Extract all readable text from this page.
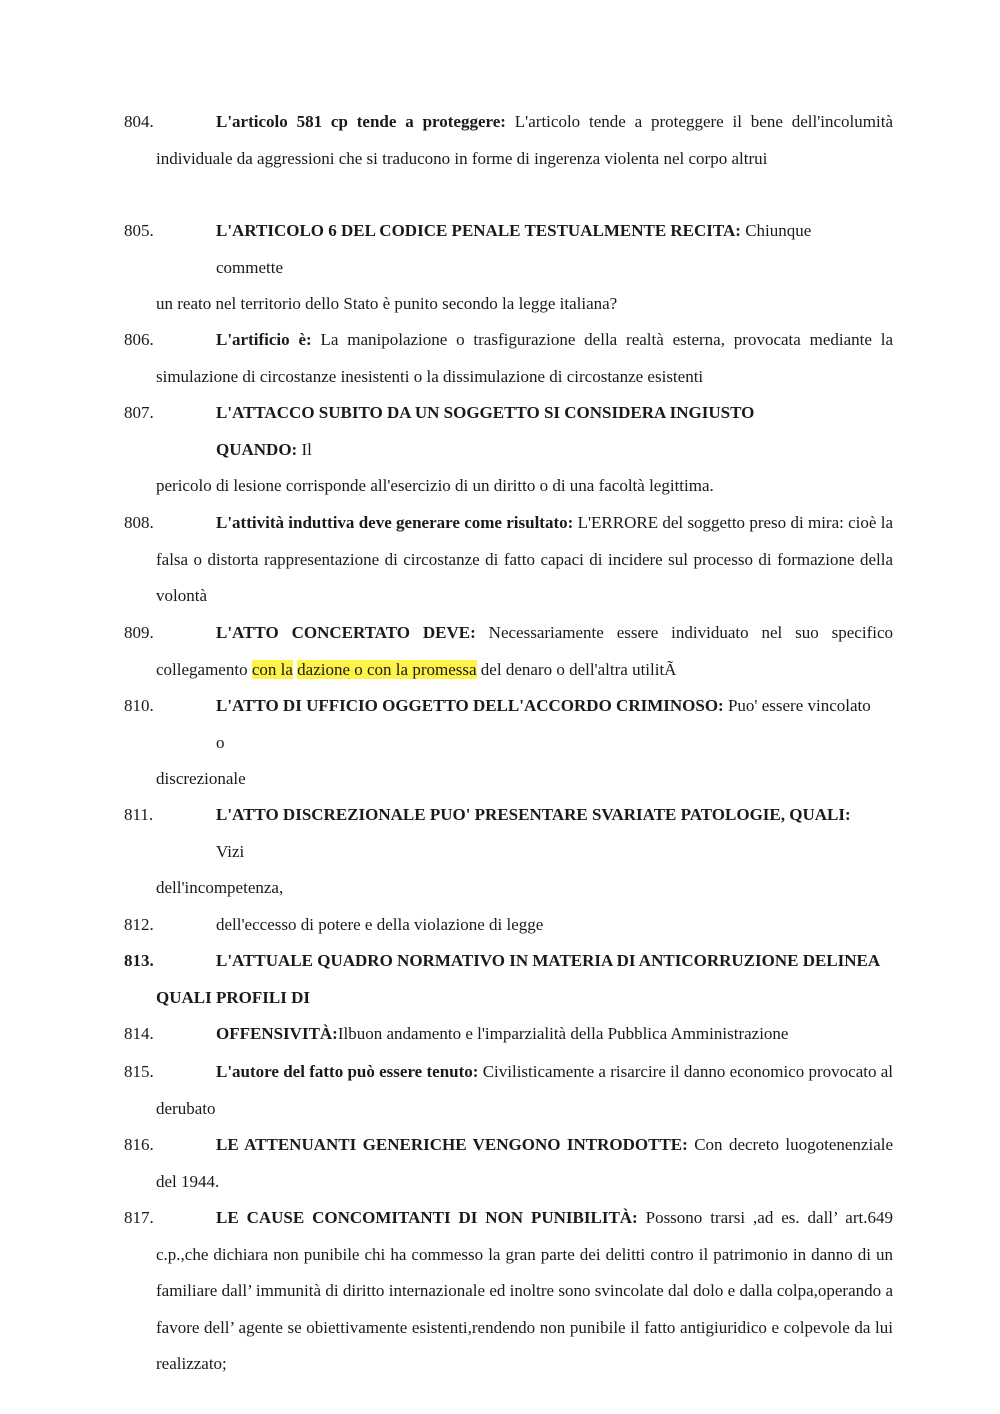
804.	L'articolo 581 cp tende a proteggere: L'articolo tende a proteggere il bene dell'incolumità individuale da aggressioni che si traducono in forme di ingerenza violenta nel corpo altrui
805.	L'ARTICOLO 6 DEL CODICE PENALE TESTUALMENTE RECITA: Chiunque
commette
un reato nel territorio dello Stato è punito secondo la legge italiana?
806.	L'artificio è: La manipolazione o trasfigurazione della realtà esterna, provocata mediante la simulazione di circostanze inesistenti o la dissimulazione di circostanze esistenti
807.	L'ATTACCO SUBITO DA UN SOGGETTO SI CONSIDERA INGIUSTO
QUANDO: Il
pericolo di lesione corrisponde all'esercizio di un diritto o di una facoltà legittima.
808.	L'attività induttiva deve generare come risultato: L'ERRORE del soggetto preso di mira: cioè la falsa o distorta rappresentazione di circostanze di fatto capaci di incidere sul processo di formazione della volontà
809.	L'ATTO CONCERTATO DEVE: Necessariamente essere individuato nel suo specifico collegamento con la dazione o con la promessa del denaro o dell'altra utilitÃ
810.	L'ATTO DI UFFICIO OGGETTO DELL'ACCORDO CRIMINOSO: Puo' essere vincolato
o
discrezionale
811.	L'ATTO DISCREZIONALE PUO' PRESENTARE SVARIATE PATOLOGIE, QUALI:
Vizi
dell'incompetenza,
812.	dell'eccesso di potere e della violazione di legge
813.	L'ATTUALE QUADRO NORMATIVO IN MATERIA DI ANTICORRUZIONE DELINEA QUALI PROFILI DI
814.	OFFENSIVITÀ:Ilbuon andamento e l'imparzialità della Pubblica Amministrazione
815.	L'autore del fatto può essere tenuto: Civilisticamente a risarcire il danno economico provocato al derubato
816.	LE ATTENUANTI GENERICHE VENGONO INTRODOTTE: Con decreto luogotenenziale del 1944.
817.	LE CAUSE CONCOMITANTI DI NON PUNIBILITÀ: Possono trarsi ,ad es. dall’ art.649 c.p.,che dichiara non punibile chi ha commesso la gran parte dei delitti contro il patrimonio in danno di un familiare dall’ immunità di diritto internazionale ed inoltre sono svincolate dal dolo e dalla colpa,operando a favore dell’ agente se obiettivamente esistenti,rendendo non punibile il fatto antigiuridico e colpevole da lui realizzato;
